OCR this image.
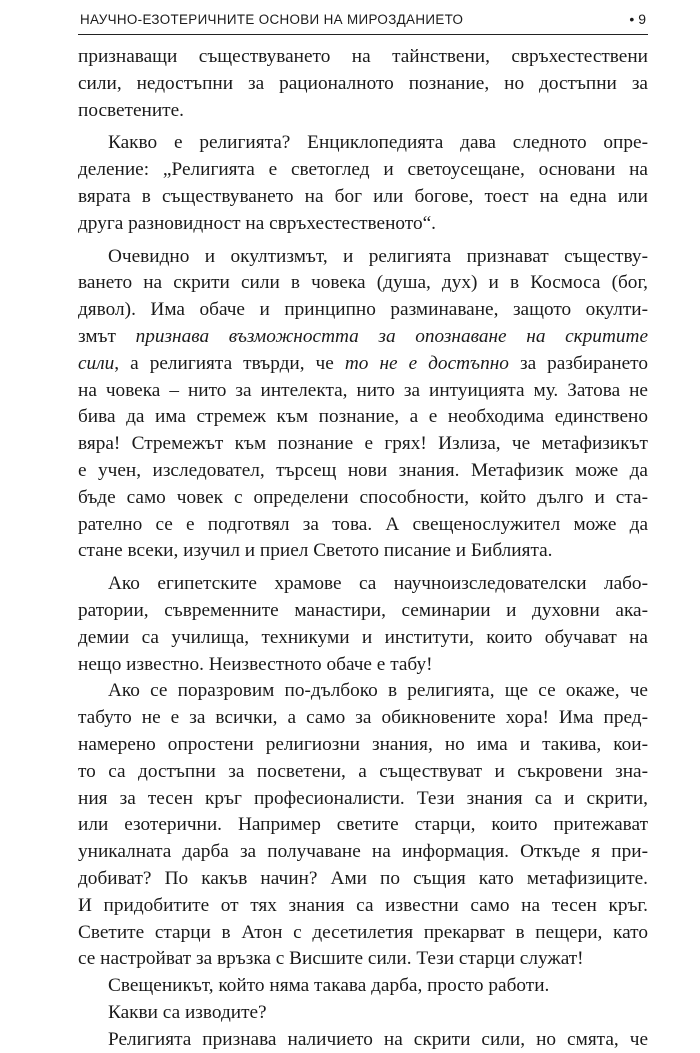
НАУЧНО-ЕЗОТЕРИЧНИТЕ ОСНОВИ НА МИРОЗДАНИЕТО	• 9
признаващи съществуването на тайнствени, свръхестествени
сили, недостъпни за рационалното познание, но достъпни за
посветените.
Какво е религията? Енциклопедията дава следното опре-
деление: „Религията е светоглед и светоусещане, основани на
вярата в съществуването на бог или богове, тоест на една или
друга разновидност на свръхестественото“.
Очевидно и окултизмът, и религията признават съществу-
ването на скрити сили в човека (душа, дух) и в Космоса (бог,
дявол). Има обаче и принципно разминаване, защото окулти-
змът признава възможността за опознаване на скритите
сили, а религията твърди, че то не е достъпно за разбирането
на човека – нито за интелекта, нито за интуицията му. Затова не
бива да има стремеж към познание, а е необходима единствено
вяра! Стремежът към познание е грях! Излиза, че метафизикът
е учен, изследовател, търсещ нови знания. Метафизик може да
бъде само човек с определени способности, който дълго и ста-
рателно се е подготвял за това. А свещенослужител може да
стане всеки, изучил и приел Светото писание и Библията.
Ако египетските храмове са научноизследователски лабо-
ратории, съвременните манастири, семинарии и духовни ака-
демии са училища, техникуми и институти, които обучават на
нещо известно. Неизвестното обаче е табу!
Ако се поразровим по-дълбоко в религията, ще се окаже, че
табуто не е за всички, а само за обикновените хора! Има пред-
намерено опростени религиозни знания, но има и такива, кои-
то са достъпни за посветени, а съществуват и съкровени зна-
ния за тесен кръг професионалисти. Тези знания са и скрити,
или езотерични. Например светите старци, които притежават
уникалната дарба за получаване на информация. Откъде я при-
добиват? По какъв начин? Ами по същия като метафизиците.
И придобитите от тях знания са известни само на тесен кръг.
Светите старци в Атон с десетилетия прекарват в пещери, като
се настройват за връзка с Висшите сили. Тези старци служат!
Свещеникът, който няма такава дарба, просто работи.
Какви са изводите?
Религията признава наличието на скрити сили, но смята, че
